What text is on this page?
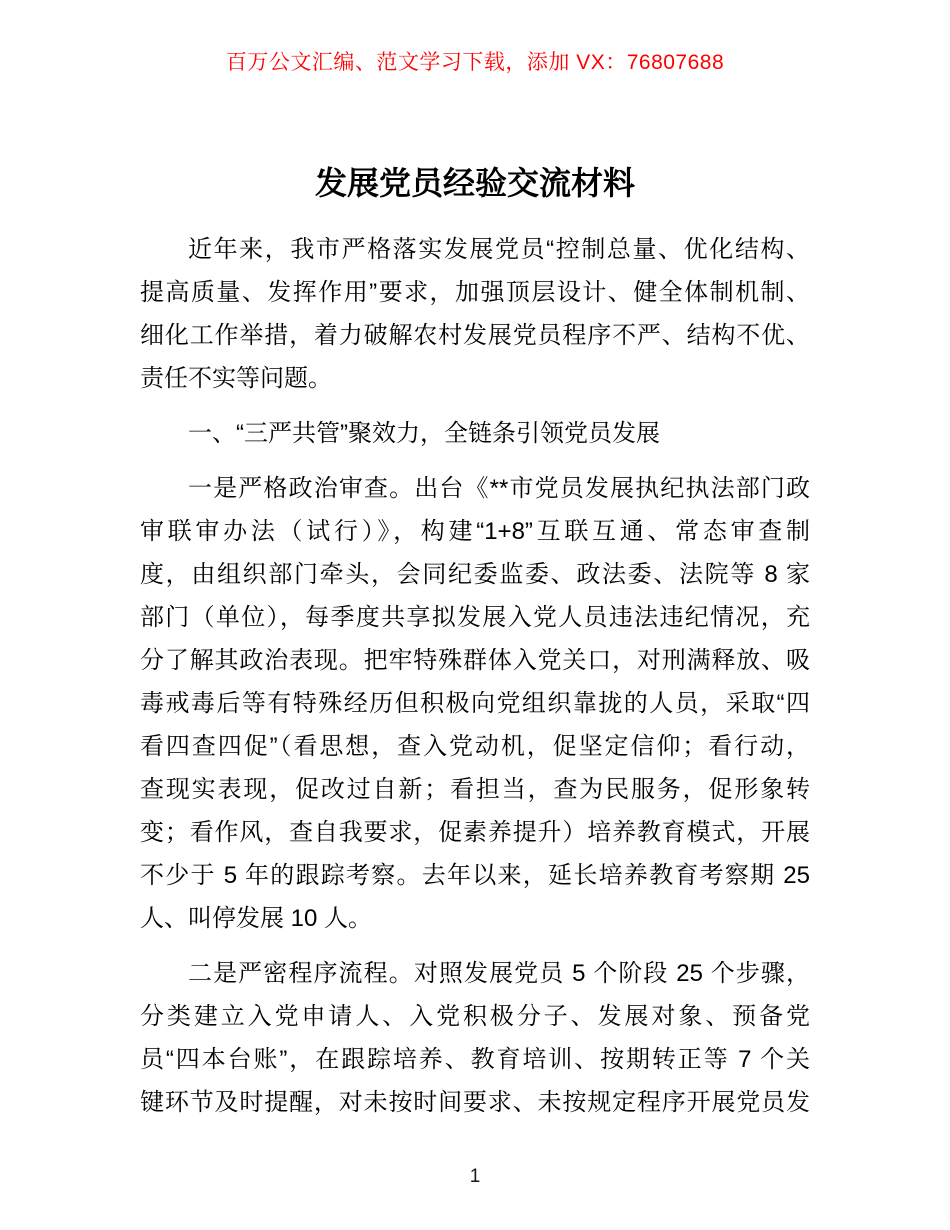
百万公文汇编、范文学习下载，添加 VX：76807688
发展党员经验交流材料
近年来，我市严格落实发展党员“控制总量、优化结构、
提高质量、发挥作用”要求，加强顶层设计、健全体制机制、
细化工作举措，着力破解农村发展党员程序不严、结构不优、
责任不实等问题。
一、“三严共管”聚效力，全链条引领党员发展
一是严格政治审查。出台《**市党员发展执纪执法部门政
审联审办法（试行）》，构建“1+8”互联互通、常态审查制
度，由组织部门牵头，会同纪委监委、政法委、法院等 8 家
部门（单位），每季度共享拟发展入党人员违法违纪情况，充
分了解其政治表现。把牢特殊群体入党关口，对刑满释放、吸
毒戒毒后等有特殊经历但积极向党组织靠拢的人员，采取“四
看四查四促”（看思想，查入党动机，促坚定信仰；看行动，
查现实表现，促改过自新；看担当，查为民服务，促形象转
变；看作风，查自我要求，促素养提升）培养教育模式，开展
不少于 5 年的跟踪考察。去年以来，延长培养教育考察期 25
人、叫停发展 10 人。
二是严密程序流程。对照发展党员 5 个阶段 25 个步骤，
分类建立入党申请人、入党积极分子、发展对象、预备党
员“四本台账”，在跟踪培养、教育培训、按期转正等 7 个关
键环节及时提醒，对未按时间要求、未按规定程序开展党员发
1
